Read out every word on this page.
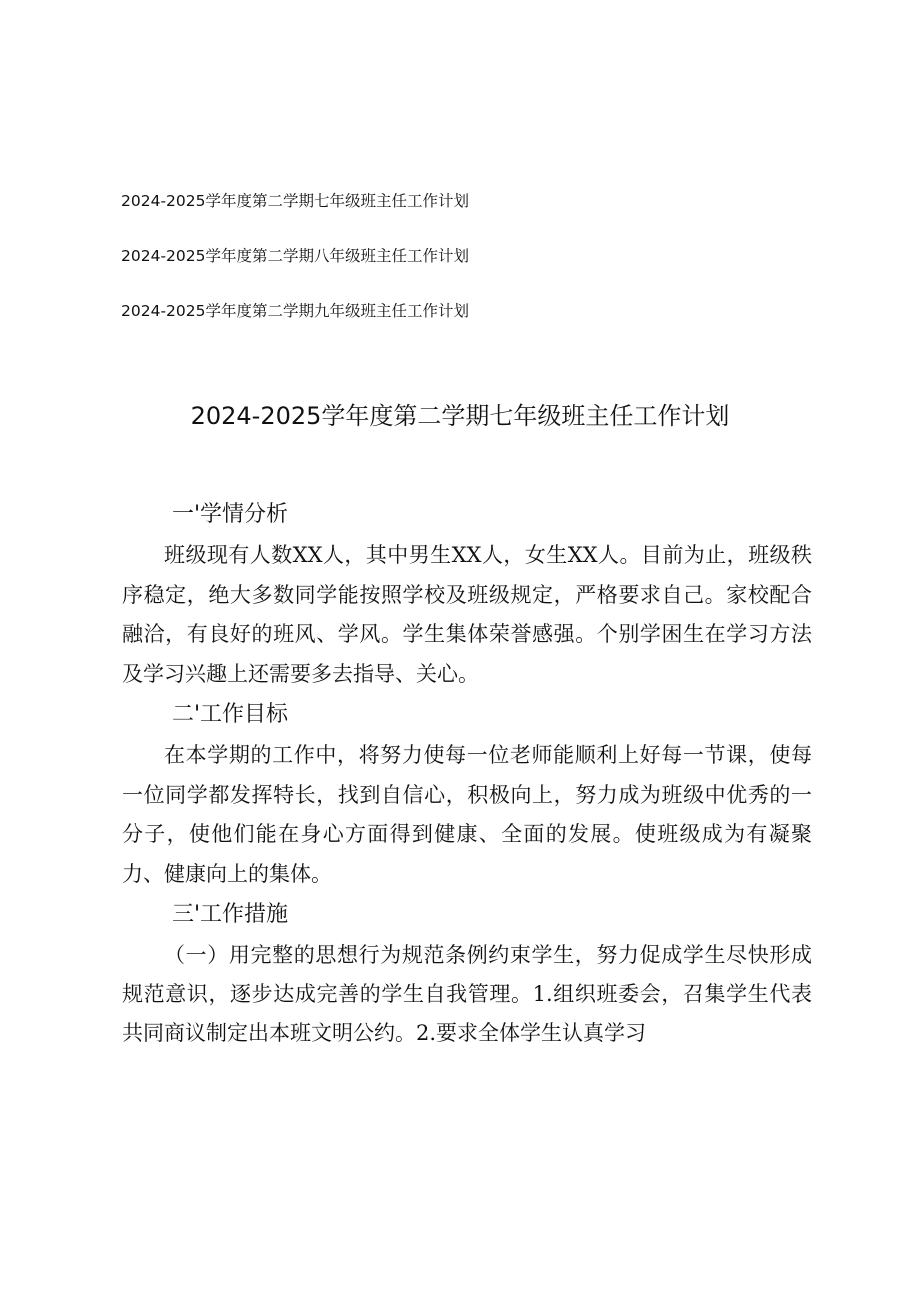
2024-2025学年度第二学期七年级班主任工作计划
2024-2025学年度第二学期八年级班主任工作计划
2024-2025学年度第二学期九年级班主任工作计划
2024-2025学年度第二学期七年级班主任工作计划
一'学情分析

班级现有人数XX人，其中男生XX人，女生XX人。目前为止，班级秩序稳定，绝大多数同学能按照学校及班级规定，严格要求自己。家校配合融洽，有良好的班风、学风。学生集体荣誉感强。个别学困生在学习方法及学习兴趣上还需要多去指导、关心。

二'工作目标

在本学期的工作中，将努力使每一位老师能顺利上好每一节课，使每一位同学都发挥特长，找到自信心，积极向上，努力成为班级中优秀的一分子，使他们能在身心方面得到健康、全面的发展。使班级成为有凝聚力、健康向上的集体。

三'工作措施

（一）用完整的思想行为规范条例约束学生，努力促成学生尽快形成规范意识，逐步达成完善的学生自我管理。1.组织班委会，召集学生代表共同商议制定出本班文明公约。2.要求全体学生认真学习
